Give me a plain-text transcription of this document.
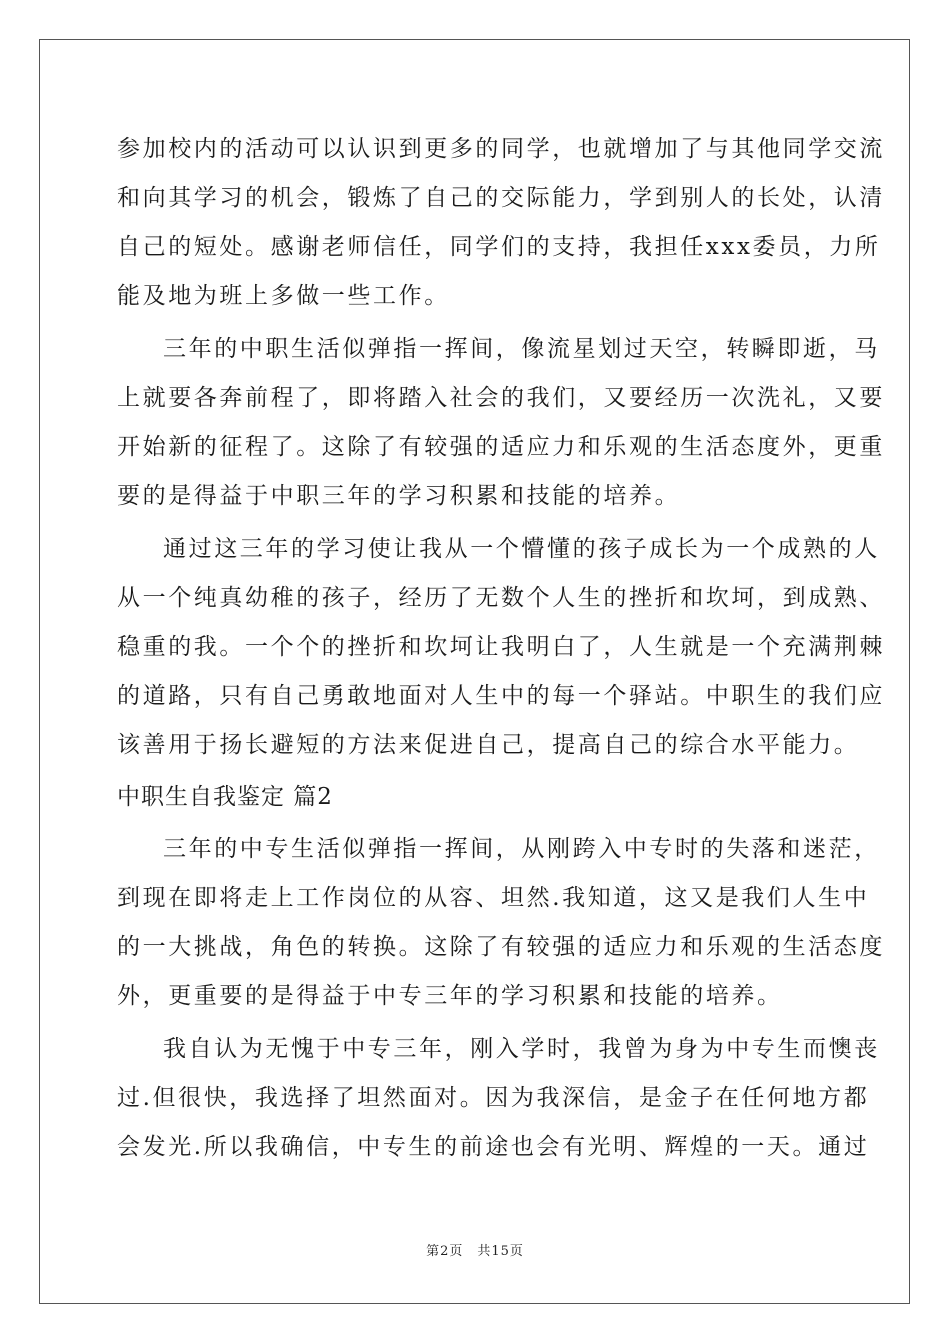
参加校内的活动可以认识到更多的同学，也就增加了与其他同学交流
和向其学习的机会，锻炼了自己的交际能力，学到别人的长处，认清
自己的短处。感谢老师信任，同学们的支持，我担任xxx委员，力所
能及地为班上多做一些工作。
三年的中职生活似弹指一挥间，像流星划过天空，转瞬即逝，马
上就要各奔前程了，即将踏入社会的我们，又要经历一次洗礼，又要
开始新的征程了。这除了有较强的适应力和乐观的生活态度外，更重
要的是得益于中职三年的学习积累和技能的培养。
通过这三年的学习使让我从一个懵懂的孩子成长为一个成熟的人
从一个纯真幼稚的孩子，经历了无数个人生的挫折和坎坷，到成熟、
稳重的我。一个个的挫折和坎坷让我明白了，人生就是一个充满荆棘
的道路，只有自己勇敢地面对人生中的每一个驿站。中职生的我们应
该善用于扬长避短的方法来促进自己，提高自己的综合水平能力。
中职生自我鉴定 篇2
三年的中专生活似弹指一挥间，从刚跨入中专时的失落和迷茫，
到现在即将走上工作岗位的从容、坦然.我知道，这又是我们人生中
的一大挑战，角色的转换。这除了有较强的适应力和乐观的生活态度
外，更重要的是得益于中专三年的学习积累和技能的培养。
我自认为无愧于中专三年，刚入学时，我曾为身为中专生而懊丧
过.但很快，我选择了坦然面对。因为我深信，是金子在任何地方都
会发光.所以我确信，中专生的前途也会有光明、辉煌的一天。通过
第2页 共15页
